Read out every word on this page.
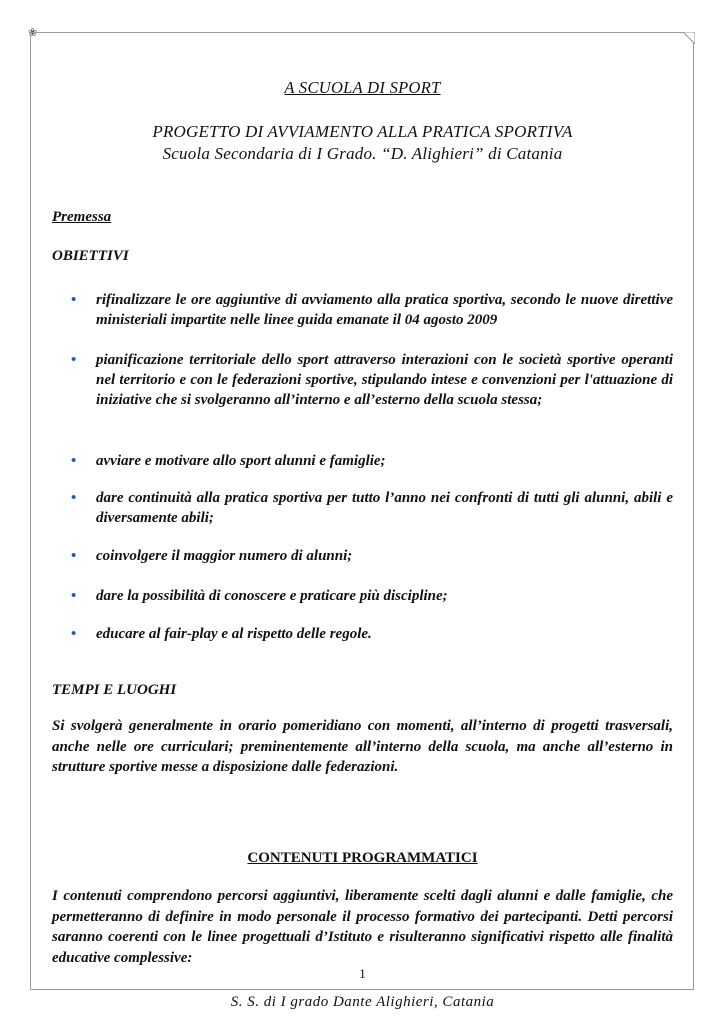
❀
A SCUOLA DI SPORT
PROGETTO DI AVVIAMENTO ALLA PRATICA SPORTIVA
Scuola Secondaria di I Grado. “D. Alighieri” di Catania
Premessa
OBIETTIVI
• rifinalizzare le ore aggiuntive di avviamento alla pratica sportiva, secondo le nuove direttive ministeriali impartite nelle linee guida emanate il 04 agosto 2009
• pianificazione territoriale dello sport attraverso interazioni con le società sportive operanti nel territorio e con le federazioni sportive, stipulando intese e convenzioni per l'attuazione di iniziative che si svolgeranno all’interno e all’esterno della scuola stessa;
• avviare e motivare allo sport alunni e famiglie;
• dare continuità alla pratica sportiva per tutto l’anno nei confronti di tutti gli alunni, abili e diversamente abili;
• coinvolgere il maggior numero di alunni;
• dare la possibilità di conoscere e praticare più discipline;
• educare al fair-play e al rispetto delle regole.
TEMPI E LUOGHI
Si svolgerà generalmente in orario pomeridiano con momenti, all’interno di progetti trasversali, anche nelle ore curriculari; preminentemente all’interno della scuola, ma anche all’esterno in strutture sportive messe a disposizione dalle federazioni.
CONTENUTI PROGRAMMATICI
I contenuti comprendono percorsi aggiuntivi, liberamente scelti dagli alunni e dalle famiglie, che permetteranno di definire in modo personale il processo formativo dei partecipanti. Detti percorsi saranno coerenti con le linee progettuali d’Istituto e risulteranno significativi rispetto alle finalità educative complessive:
1
S. S. di I grado Dante Alighieri, Catania
